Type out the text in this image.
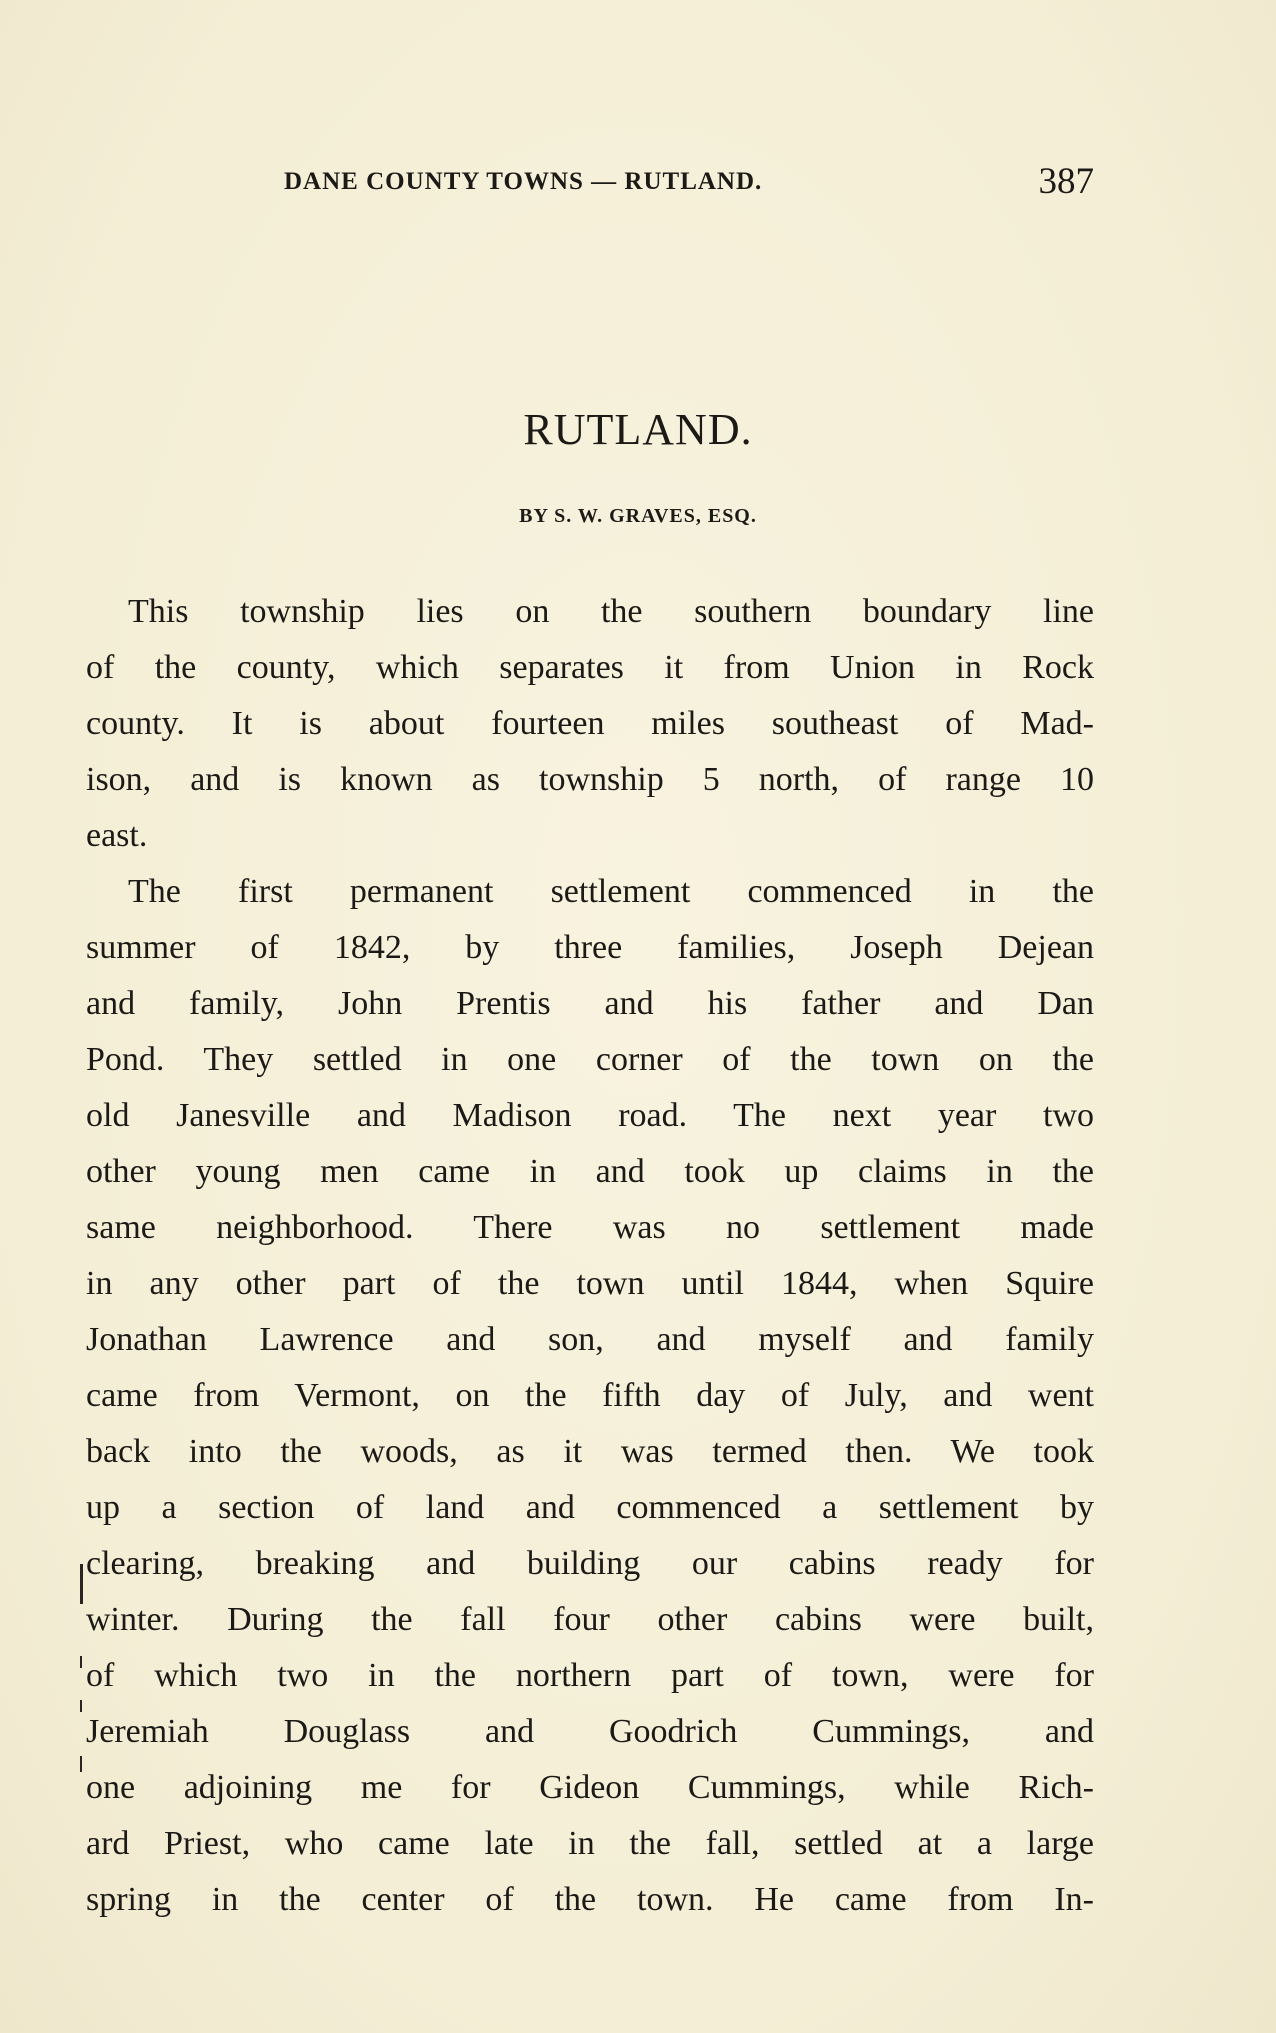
DANE COUNTY TOWNS — RUTLAND.	387
RUTLAND.
BY S. W. GRAVES, ESQ.
This township lies on the southern boundary line
of the county, which separates it from Union in Rock
county. It is about fourteen miles southeast of Mad-
ison, and is known as township 5 north, of range 10
east.
The first permanent settlement commenced in the
summer of 1842, by three families, Joseph Dejean
and family, John Prentis and his father and Dan
Pond. They settled in one corner of the town on the
old Janesville and Madison road. The next year two
other young men came in and took up claims in the
same neighborhood. There was no settlement made
in any other part of the town until 1844, when Squire
Jonathan Lawrence and son, and myself and family
came from Vermont, on the fifth day of July, and went
back into the woods, as it was termed then. We took
up a section of land and commenced a settlement by
clearing, breaking and building our cabins ready for
winter. During the fall four other cabins were built,
of which two in the northern part of town, were for
Jeremiah Douglass and Goodrich Cummings, and
one adjoining me for Gideon Cummings, while Rich-
ard Priest, who came late in the fall, settled at a large
spring in the center of the town. He came from In-
